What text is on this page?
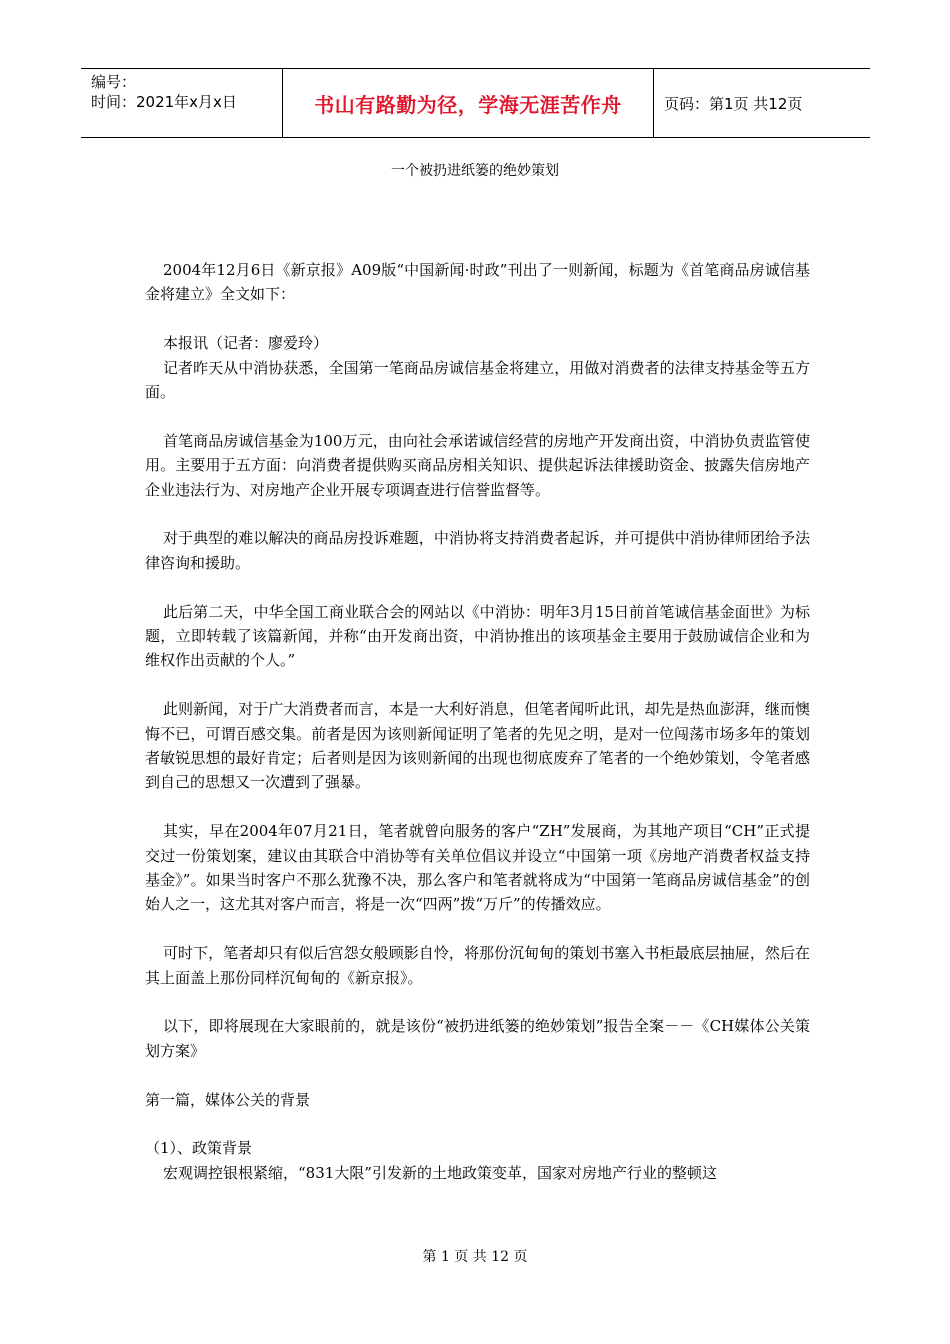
编号：
时间：2021年x月x日	书山有路勤为径，学海无涯苦作舟	页码：第1页 共12页
一个被扔进纸篓的绝妙策划

2004年12月6日《新京报》A09版“中国新闻·时政”刊出了一则新闻，标题为《首笔商品房诚信基金将建立》全文如下：

本报讯（记者：廖爱玲）

记者昨天从中消协获悉，全国第一笔商品房诚信基金将建立，用做对消费者的法律支持基金等五方面。

首笔商品房诚信基金为100万元，由向社会承诺诚信经营的房地产开发商出资，中消协负责监管使用。主要用于五方面：向消费者提供购买商品房相关知识、提供起诉法律援助资金、披露失信房地产企业违法行为、对房地产企业开展专项调查进行信誉监督等。

对于典型的难以解决的商品房投诉难题，中消协将支持消费者起诉，并可提供中消协律师团给予法律咨询和援助。

此后第二天，中华全国工商业联合会的网站以《中消协：明年3月15日前首笔诚信基金面世》为标题，立即转载了该篇新闻，并称“由开发商出资，中消协推出的该项基金主要用于鼓励诚信企业和为维权作出贡献的个人。”

此则新闻，对于广大消费者而言，本是一大利好消息，但笔者闻听此讯，却先是热血澎湃，继而懊悔不已，可谓百感交集。前者是因为该则新闻证明了笔者的先见之明，是对一位闯荡市场多年的策划者敏锐思想的最好肯定；后者则是因为该则新闻的出现也彻底废弃了笔者的一个绝妙策划，令笔者感到自己的思想又一次遭到了强暴。

其实，早在2004年07月21日，笔者就曾向服务的客户“ZH”发展商，为其地产项目“CH”正式提交过一份策划案，建议由其联合中消协等有关单位倡议并设立“中国第一项《房地产消费者权益支持基金》”。如果当时客户不那么犹豫不决，那么客户和笔者就将成为“中国第一笔商品房诚信基金”的创始人之一，这尤其对客户而言，将是一次“四两”拨“万斤”的传播效应。

可时下，笔者却只有似后宫怨女般顾影自怜，将那份沉甸甸的策划书塞入书柜最底层抽屉，然后在其上面盖上那份同样沉甸甸的《新京报》。

以下，即将展现在大家眼前的，就是该份“被扔进纸篓的绝妙策划”报告全案－－《CH媒体公关策划方案》

第一篇，媒体公关的背景

（1）、政策背景

宏观调控银根紧缩，“831大限”引发新的土地政策变革，国家对房地产行业的整顿这

第 1 页 共 12 页
